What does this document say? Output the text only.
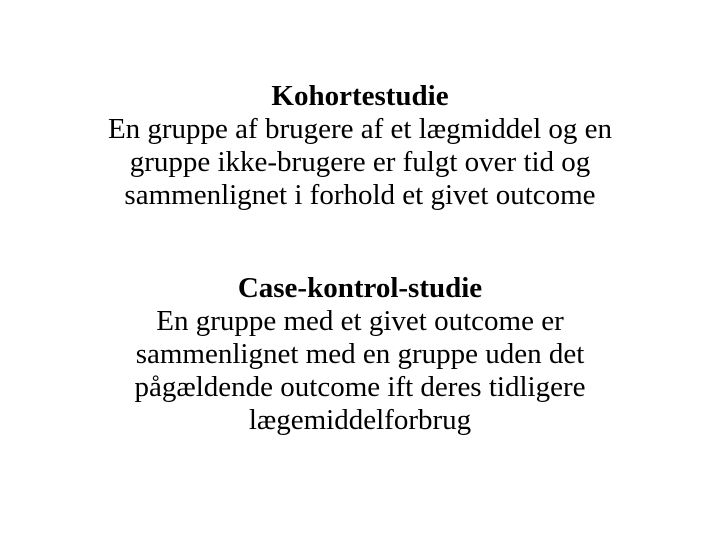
Kohortestudie
En gruppe af brugere af et lægmiddel og en
gruppe ikke-brugere er fulgt over tid og
sammenlignet i forhold et givet outcome
Case-kontrol-studie
En gruppe med et givet outcome er
sammenlignet med en gruppe uden det
pågældende outcome ift deres tidligere
lægemiddelforbrug
